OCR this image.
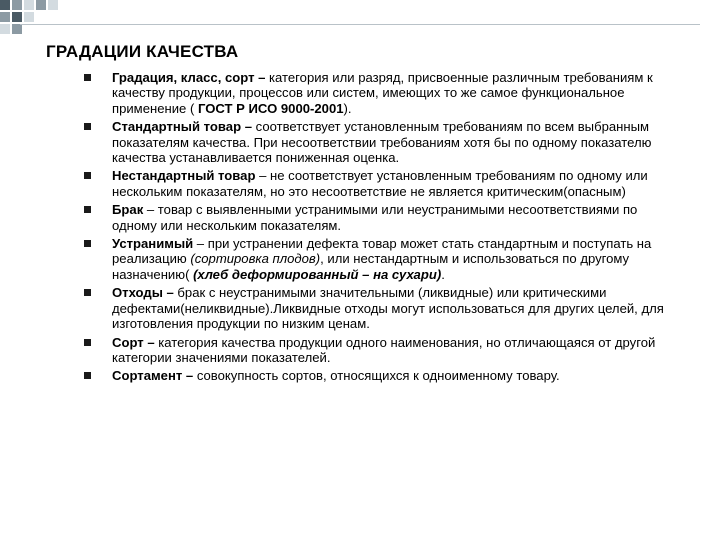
ГРАДАЦИИ КАЧЕСТВА
Градация, класс, сорт – категория или разряд, присвоенные различным требованиям к качеству продукции, процессов или систем, имеющих то же самое функциональное применение ( ГОСТ Р ИСО 9000-2001).
Стандартный товар – соответствует установленным требованиям по всем выбранным показателям качества. При несоответствии требованиям хотя бы по одному показателю качества устанавливается пониженная оценка.
Нестандартный товар – не соответствует установленным требованиям по одному или нескольким показателям, но это несоответствие не является критическим(опасным)
Брак – товар с выявленными устранимыми или неустранимыми несоответствиями по одному или нескольким показателям.
Устранимый – при устранении дефекта товар может стать стандартным и поступать на реализацию (сортировка плодов), или нестандартным и использоваться по другому назначению( (хлеб деформированный – на сухари).
Отходы – брак с неустранимыми значительными (ликвидные) или критическими дефектами(неликвидные).Ликвидные отходы могут использоваться для других целей, для изготовления продукции по низким ценам.
Сорт – категория качества продукции одного наименования, но отличающаяся от другой категории значениями показателей.
Сортамент – совокупность сортов, относящихся к одноименному товару.
